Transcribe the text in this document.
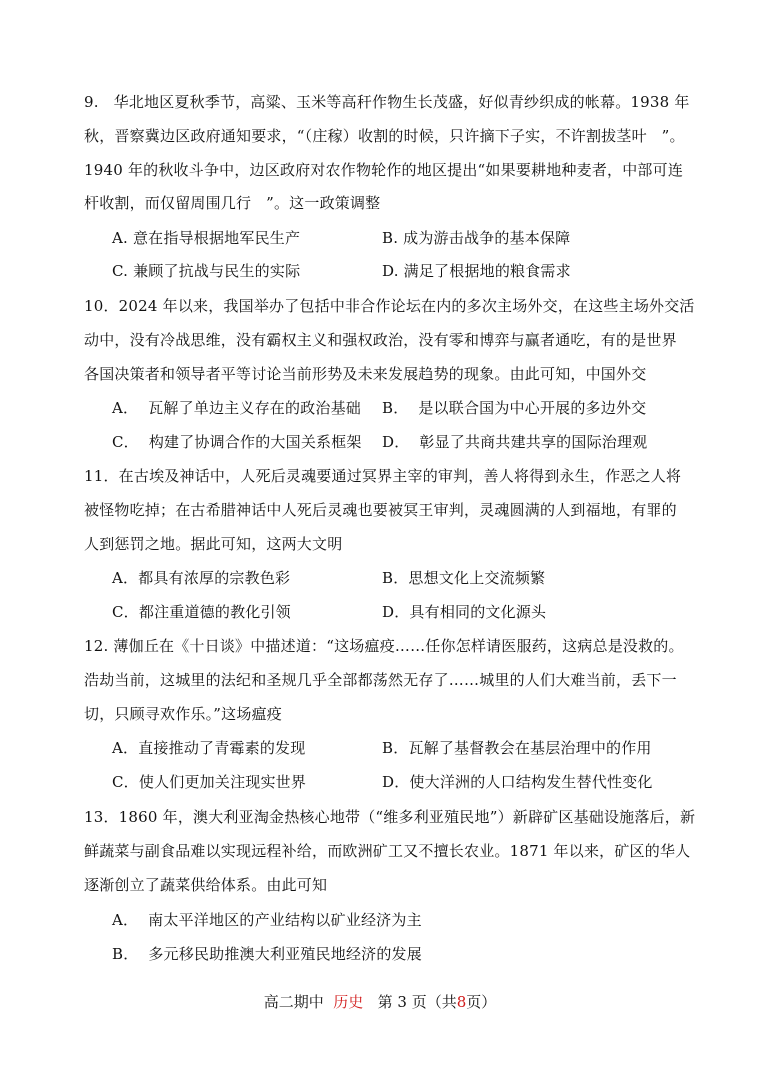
9.   华北地区夏秋季节，高粱、玉米等高秆作物生长茂盛，好似青纱织成的帐幕。1938 年
秋，晋察冀边区政府通知要求，“（庄稼）收割的时候，只许摘下子实，不许割拔茎叶   ”。
1940 年的秋收斗争中，边区政府对农作物轮作的地区提出“如果要耕地种麦者，中部可连
杆收割，而仅留周围几行   ”。这一政策调整
A. 意在指导根据地军民生产	B. 成为游击战争的基本保障
C. 兼顾了抗战与民生的实际	D. 满足了根据地的粮食需求
10．2024 年以来，我国举办了包括中非合作论坛在内的多次主场外交，在这些主场外交活
动中，没有冷战思维，没有霸权主义和强权政治，没有零和博弈与赢者通吃，有的是世界
各国决策者和领导者平等讨论当前形势及未来发展趋势的现象。由此可知，中国外交
A．  瓦解了单边主义存在的政治基础 B．  是以联合国为中心开展的多边外交
C．  构建了协调合作的大国关系框架 D．  彰显了共商共建共享的国际治理观
11．在古埃及神话中，人死后灵魂要通过冥界主宰的审判，善人将得到永生，作恶之人将
被怪物吃掉；在古希腊神话中人死后灵魂也要被冥王审判，灵魂圆满的人到福地，有罪的
人到惩罚之地。据此可知，这两大文明
A．都具有浓厚的宗教色彩	B．思想文化上交流频繁
C．都注重道德的教化引领	D．具有相同的文化源头
12. 薄伽丘在《十日谈》中描述道：“这场瘟疫……任你怎样请医服药，这病总是没救的。
浩劫当前，这城里的法纪和圣规几乎全部都荡然无存了……城里的人们大难当前，丢下一
切，只顾寻欢作乐。”这场瘟疫
A．直接推动了青霉素的发现	B．瓦解了基督教会在基层治理中的作用
C．使人们更加关注现实世界	D．使大洋洲的人口结构发生替代性变化
13．1860 年，澳大利亚淘金热核心地带（“维多利亚殖民地”）新辟矿区基础设施落后，新
鲜蔬菜与副食品难以实现远程补给，而欧洲矿工又不擅长农业。1871 年以来，矿区的华人
逐渐创立了蔬菜供给体系。由此可知
A．  南太平洋地区的产业结构以矿业经济为主
B．  多元移民助推澳大利亚殖民地经济的发展
高二期中 历史 第 3 页（共8页）
